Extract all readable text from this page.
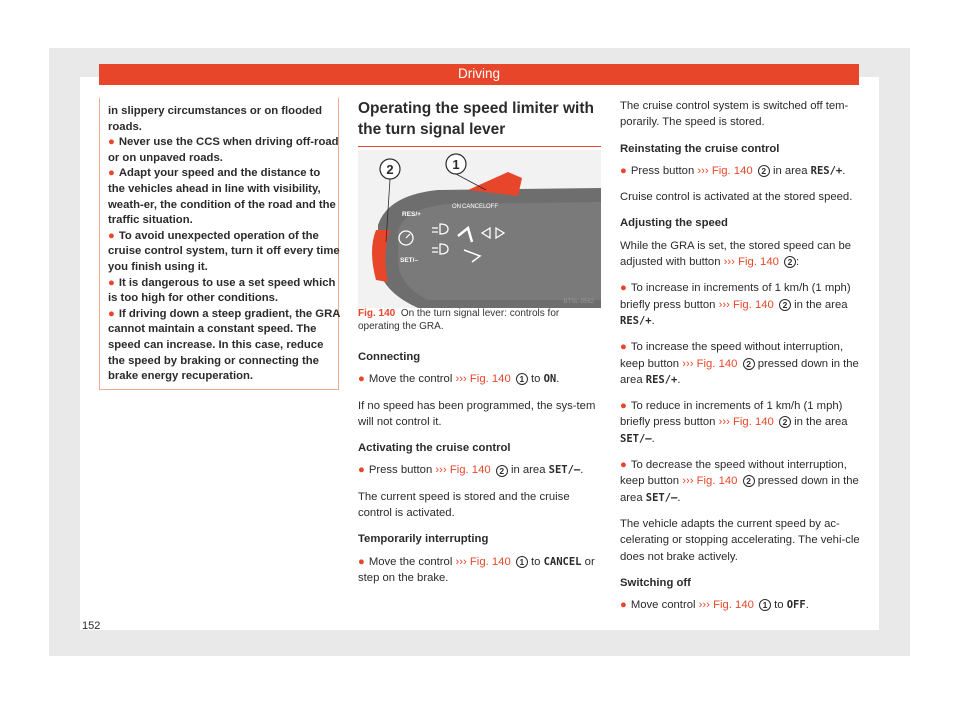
Driving

in slippery circumstances or on flooded roads.

● Never use the CCS when driving off-road or on unpaved roads.

● Adapt your speed and the distance to the vehicles ahead in line with visibility, weath-er, the condition of the road and the traffic situation.

● To avoid unexpected operation of the cruise control system, turn it off every time you finish using it.

● It is dangerous to use a set speed which is too high for other conditions.

● If driving down a steep gradient, the GRA cannot maintain a constant speed. The speed can increase. In this case, reduce the speed by braking or connecting the brake energy recuperation.

Operating the speed limiter with the turn signal lever
ON CANCEL OFF
RES/+
SET/–
2	1
BTSL-0562
Fig. 140 On the turn signal lever: controls for operating the GRA.
Connecting
● Move the control ››› Fig. 140 1 to ON.
If no speed has been programmed, the sys-tem will not control it.
Activating the cruise control
● Press button ››› Fig. 140 2 in area SET/–.
The current speed is stored and the cruise control is activated.
Temporarily interrupting
● Move the control ››› Fig. 140 1 to CANCEL or step on the brake.
The cruise control system is switched off tem-porarily. The speed is stored.
Reinstating the cruise control
● Press button ››› Fig. 140 2 in area RES/+.
Cruise control is activated at the stored speed.
Adjusting the speed
While the GRA is set, the stored speed can be adjusted with button ››› Fig. 140 2 :
● To increase in increments of 1 km/h (1 mph) briefly press button ››› Fig. 140 2 in the area RES/+.
● To increase the speed without interruption, keep button ››› Fig. 140 2 pressed down in the area RES/+.
● To reduce in increments of 1 km/h (1 mph) briefly press button ››› Fig. 140 2 in the area SET/–.
● To decrease the speed without interruption, keep button ››› Fig. 140 2 pressed down in the area SET/–.
The vehicle adapts the current speed by ac-celerating or stopping accelerating. The vehi-cle does not brake actively.
Switching off
● Move control ››› Fig. 140 1 to OFF.
152
